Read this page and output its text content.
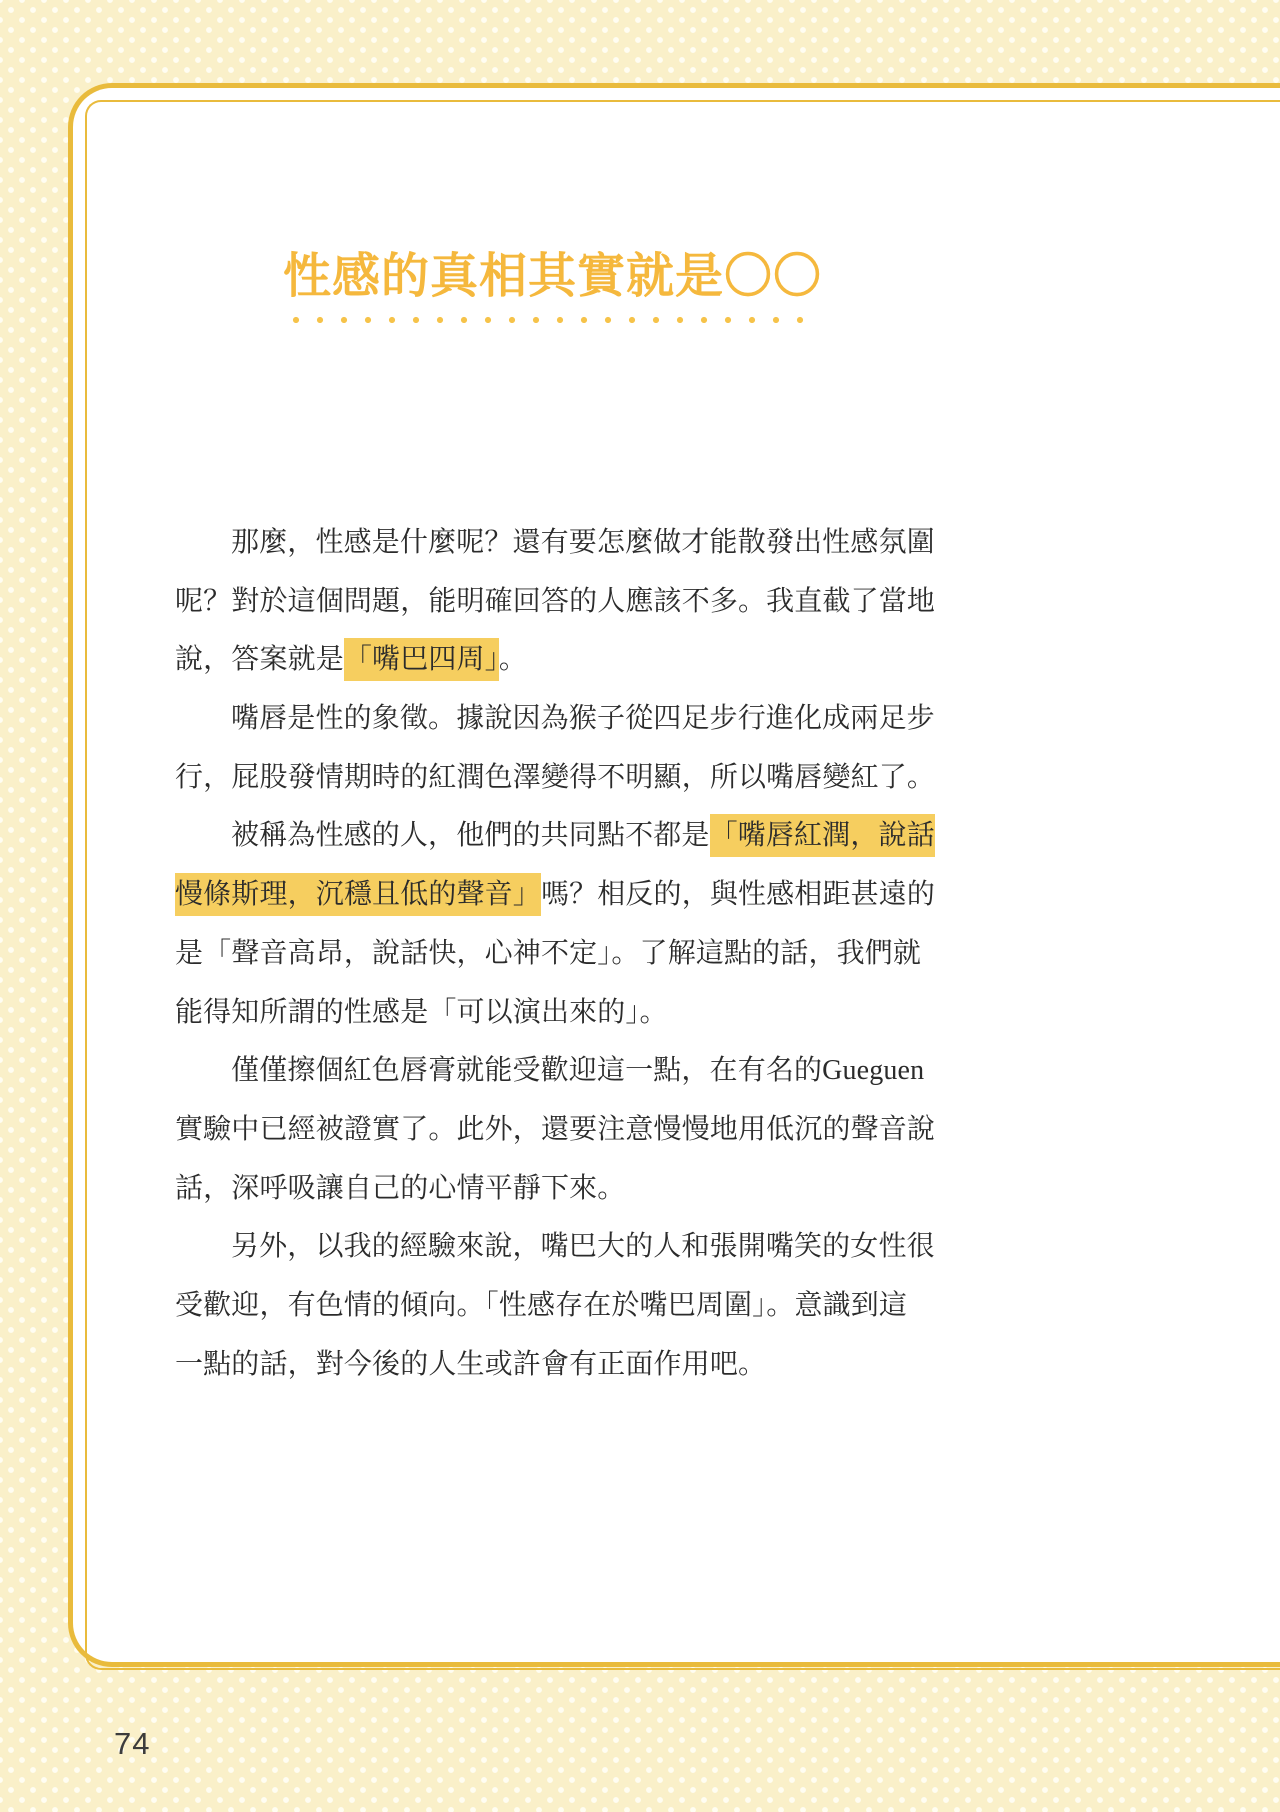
性感的真相其實就是〇〇
那麼，性感是什麼呢？還有要怎麼做才能散發出性感氛圍
呢？對於這個問題，能明確回答的人應該不多。我直截了當地
說，答案就是「嘴巴四周」。
嘴唇是性的象徵。據說因為猴子從四足步行進化成兩足步
行，屁股發情期時的紅潤色澤變得不明顯，所以嘴唇變紅了。
被稱為性感的人，他們的共同點不都是「嘴唇紅潤，說話
慢條斯理，沉穩且低的聲音」嗎？相反的，與性感相距甚遠的
是「聲音高昂，說話快，心神不定」。了解這點的話，我們就
能得知所謂的性感是「可以演出來的」。
僅僅擦個紅色唇膏就能受歡迎這一點，在有名的Gueguen
實驗中已經被證實了。此外，還要注意慢慢地用低沉的聲音說
話，深呼吸讓自己的心情平靜下來。
另外，以我的經驗來說，嘴巴大的人和張開嘴笑的女性很
受歡迎，有色情的傾向。「性感存在於嘴巴周圍」。意識到這
一點的話，對今後的人生或許會有正面作用吧。
74
